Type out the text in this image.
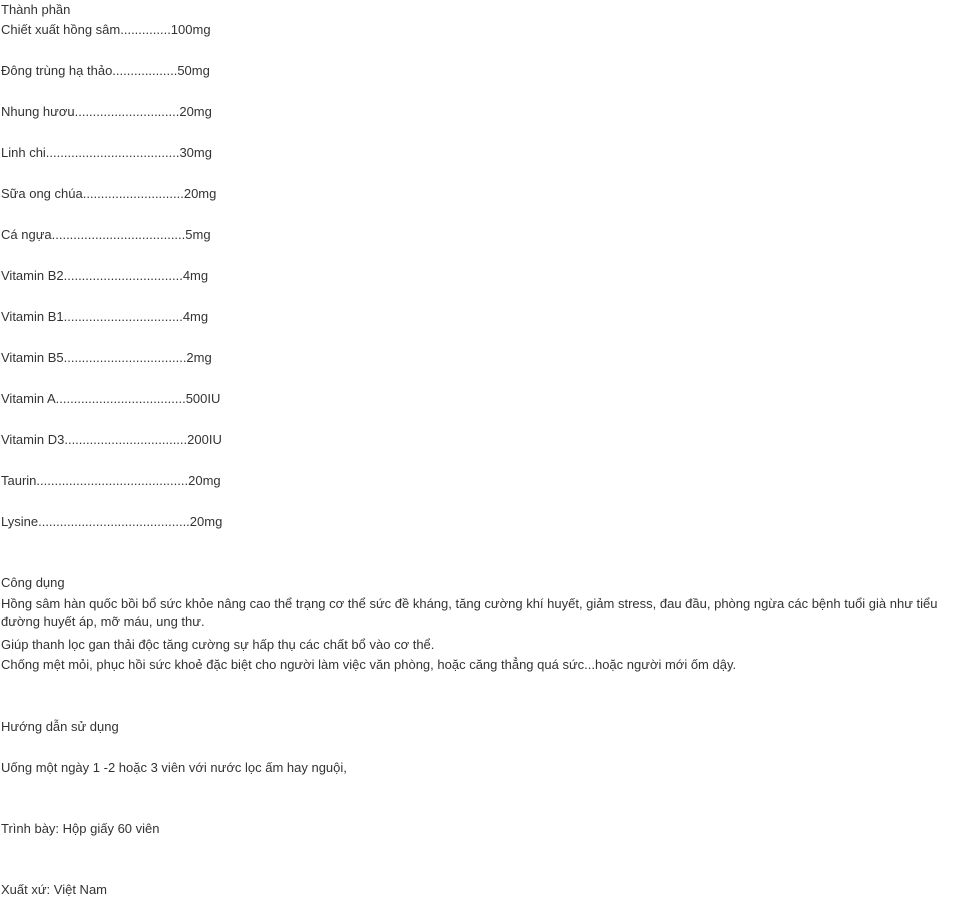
Thành phần
Chiết xuất hồng sâm..............100mg
Đông trùng hạ thảo..................50mg
Nhung hươu.............................20mg
Linh chi.....................................30mg
Sữa ong chúa............................20mg
Cá ngựa.....................................5mg
Vitamin B2.................................4mg
Vitamin B1.................................4mg
Vitamin B5..................................2mg
Vitamin A....................................500IU
Vitamin D3..................................200IU
Taurin..........................................20mg
Lysine..........................................20mg
Công dụng
Hồng sâm hàn quốc bồi bổ sức khỏe nâng cao thể trạng cơ thể sức đề kháng, tăng cường khí huyết, giảm stress, đau đầu, phòng ngừa các bệnh tuổi già như tiểu đường huyết áp, mỡ máu, ung thư.
Giúp thanh lọc gan thải độc tăng cường sự hấp thụ các chất bổ vào cơ thể.
Chống mệt mỏi, phục hồi sức khoẻ đặc biệt cho người làm việc văn phòng, hoặc căng thẳng quá sức...hoặc người mới ốm dậy.
Hướng dẫn sử dụng
Uống một ngày 1 -2 hoặc 3 viên với nước lọc ấm hay nguội,
Trình bày: Hộp giấy 60 viên
Xuất xứ: Việt Nam
